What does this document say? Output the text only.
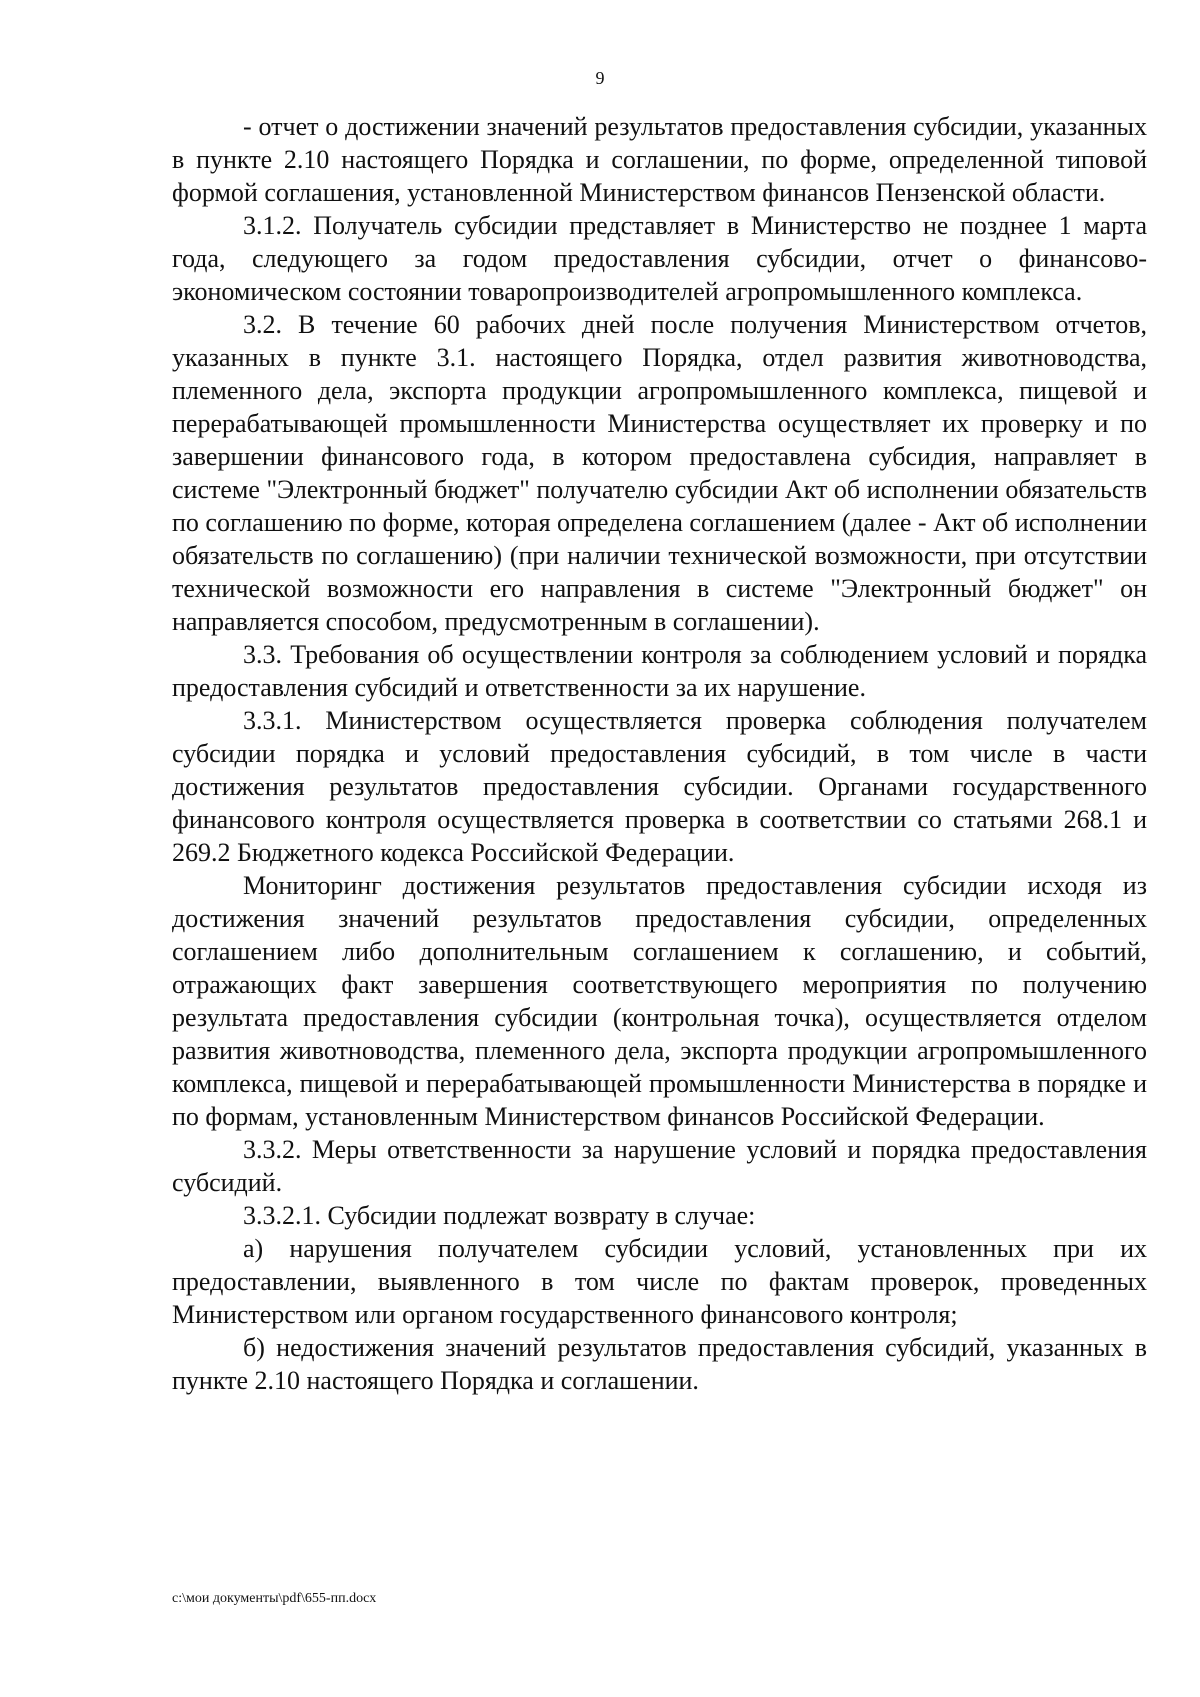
9

- отчет о достижении значений результатов предоставления субсидии, указанных в пункте 2.10 настоящего Порядка и соглашении, по форме, определенной типовой формой соглашения, установленной Министерством финансов Пензенской области.

3.1.2. Получатель субсидии представляет в Министерство не позднее 1 марта года, следующего за годом предоставления субсидии, отчет о финансово-экономическом состоянии товаропроизводителей агропромышленного комплекса.

3.2. В течение 60 рабочих дней после получения Министерством отчетов, указанных в пункте 3.1. настоящего Порядка, отдел развития животноводства, племенного дела, экспорта продукции агропромышленного комплекса, пищевой и перерабатывающей промышленности Министерства осуществляет их проверку и по завершении финансового года, в котором предоставлена субсидия, направляет в системе "Электронный бюджет" получателю субсидии Акт об исполнении обязательств по соглашению по форме, которая определена соглашением (далее - Акт об исполнении обязательств по соглашению) (при наличии технической возможности, при отсутствии технической возможности его направления в системе "Электронный бюджет" он направляется способом, предусмотренным в соглашении).

3.3. Требования об осуществлении контроля за соблюдением условий и порядка предоставления субсидий и ответственности за их нарушение.

3.3.1. Министерством осуществляется проверка соблюдения получателем субсидии порядка и условий предоставления субсидий, в том числе в части достижения результатов предоставления субсидии. Органами государственного финансового контроля осуществляется проверка в соответствии со статьями 268.1 и 269.2 Бюджетного кодекса Российской Федерации.

Мониторинг достижения результатов предоставления субсидии исходя из достижения значений результатов предоставления субсидии, определенных соглашением либо дополнительным соглашением к соглашению, и событий, отражающих факт завершения соответствующего мероприятия по получению результата предоставления субсидии (контрольная точка), осуществляется отделом развития животноводства, племенного дела, экспорта продукции агропромышленного комплекса, пищевой и перерабатывающей промышленности Министерства в порядке и по формам, установленным Министерством финансов Российской Федерации.

3.3.2. Меры ответственности за нарушение условий и порядка предоставления субсидий.

3.3.2.1. Субсидии подлежат возврату в случае:

а) нарушения получателем субсидии условий, установленных при их предоставлении, выявленного в том числе по фактам проверок, проведенных Министерством или органом государственного финансового контроля;

б) недостижения значений результатов предоставления субсидий, указанных в пункте 2.10 настоящего Порядка и соглашении.

c:\мои документы\pdf\655-пп.docx
